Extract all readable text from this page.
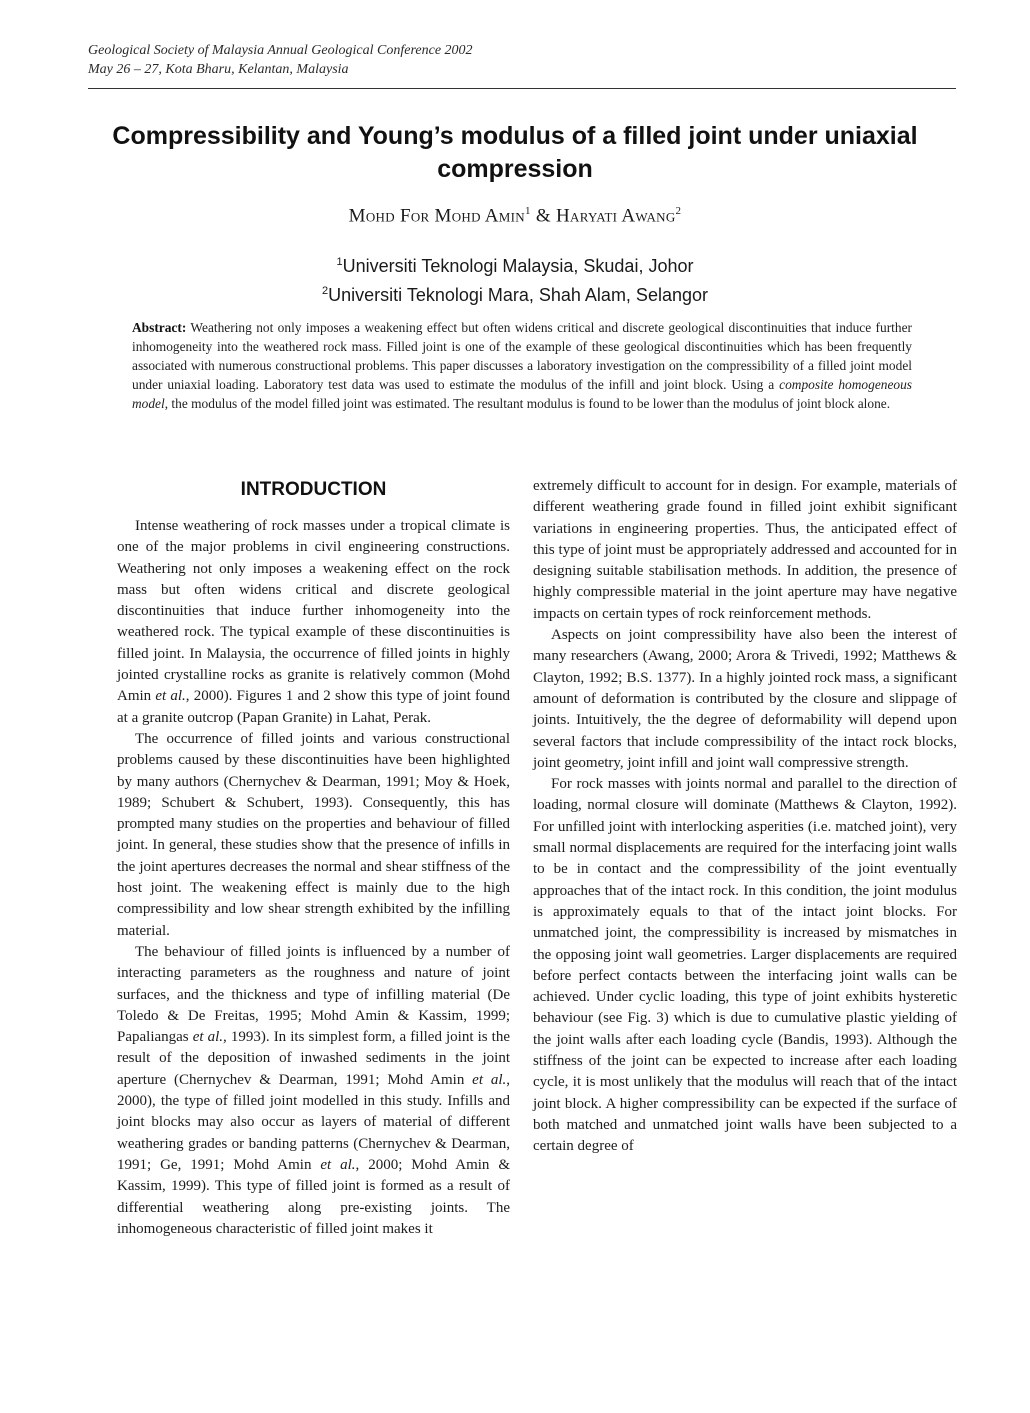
Geological Society of Malaysia Annual Geological Conference 2002
May 26 – 27, Kota Bharu, Kelantan, Malaysia
Compressibility and Young’s modulus of a filled joint under uniaxial compression
Mohd For Mohd Amin$^1$ & Haryati Awang$^2$
$^1$Universiti Teknologi Malaysia, Skudai, Johor
$^2$Universiti Teknologi Mara, Shah Alam, Selangor
Abstract: Weathering not only imposes a weakening effect but often widens critical and discrete geological discontinuities that induce further inhomogeneity into the weathered rock mass. Filled joint is one of the example of these geological discontinuities which has been frequently associated with numerous constructional problems. This paper discusses a laboratory investigation on the compressibility of a filled joint model under uniaxial loading. Laboratory test data was used to estimate the modulus of the infill and joint block. Using a composite homogeneous model, the modulus of the model filled joint was estimated. The resultant modulus is found to be lower than the modulus of joint block alone.
INTRODUCTION

Intense weathering of rock masses under a tropical climate is one of the major problems in civil engineering constructions. Weathering not only imposes a weakening effect on the rock mass but often widens critical and discrete geological discontinuities that induce further inhomogeneity into the weathered rock. The typical example of these discontinuities is filled joint. In Malaysia, the occurrence of filled joints in highly jointed crystalline rocks as granite is relatively common (Mohd Amin et al., 2000). Figures 1 and 2 show this type of joint found at a granite outcrop (Papan Granite) in Lahat, Perak.

The occurrence of filled joints and various constructional problems caused by these discontinuities have been highlighted by many authors (Chernychev & Dearman, 1991; Moy & Hoek, 1989; Schubert & Schubert, 1993). Consequently, this has prompted many studies on the properties and behaviour of filled joint. In general, these studies show that the presence of infills in the joint apertures decreases the normal and shear stiffness of the host joint. The weakening effect is mainly due to the high compressibility and low shear strength exhibited by the infilling material.

The behaviour of filled joints is influenced by a number of interacting parameters as the roughness and nature of joint surfaces, and the thickness and type of infilling material (De Toledo & De Freitas, 1995; Mohd Amin & Kassim, 1999; Papaliangas et al., 1993). In its simplest form, a filled joint is the result of the deposition of inwashed sediments in the joint aperture (Chernychev & Dearman, 1991; Mohd Amin et al., 2000), the type of filled joint modelled in this study. Infills and joint blocks may also occur as layers of material of different weathering grades or banding patterns (Chernychev & Dearman, 1991; Ge, 1991; Mohd Amin et al., 2000; Mohd Amin & Kassim, 1999). This type of filled joint is formed as a result of differential weathering along pre-existing joints. The inhomogeneous characteristic of filled joint makes it

extremely difficult to account for in design. For example, materials of different weathering grade found in filled joint exhibit significant variations in engineering properties. Thus, the anticipated effect of this type of joint must be appropriately addressed and accounted for in designing suitable stabilisation methods. In addition, the presence of highly compressible material in the joint aperture may have negative impacts on certain types of rock reinforcement methods.

Aspects on joint compressibility have also been the interest of many researchers (Awang, 2000; Arora & Trivedi, 1992; Matthews & Clayton, 1992; B.S. 1377). In a highly jointed rock mass, a significant amount of deformation is contributed by the closure and slippage of joints. Intuitively, the the degree of deformability will depend upon several factors that include compressibility of the intact rock blocks, joint geometry, joint infill and joint wall compressive strength.

For rock masses with joints normal and parallel to the direction of loading, normal closure will dominate (Matthews & Clayton, 1992). For unfilled joint with interlocking asperities (i.e. matched joint), very small normal displacements are required for the interfacing joint walls to be in contact and the compressibility of the joint eventually approaches that of the intact rock. In this condition, the joint modulus is approximately equals to that of the intact joint blocks. For unmatched joint, the compressibility is increased by mismatches in the opposing joint wall geometries. Larger displacements are required before perfect contacts between the interfacing joint walls can be achieved. Under cyclic loading, this type of joint exhibits hysteretic behaviour (see Fig. 3) which is due to cumulative plastic yielding of the joint walls after each loading cycle (Bandis, 1993). Although the stiffness of the joint can be expected to increase after each loading cycle, it is most unlikely that the modulus will reach that of the intact joint block. A higher compressibility can be expected if the surface of both matched and unmatched joint walls have been subjected to a certain degree of
